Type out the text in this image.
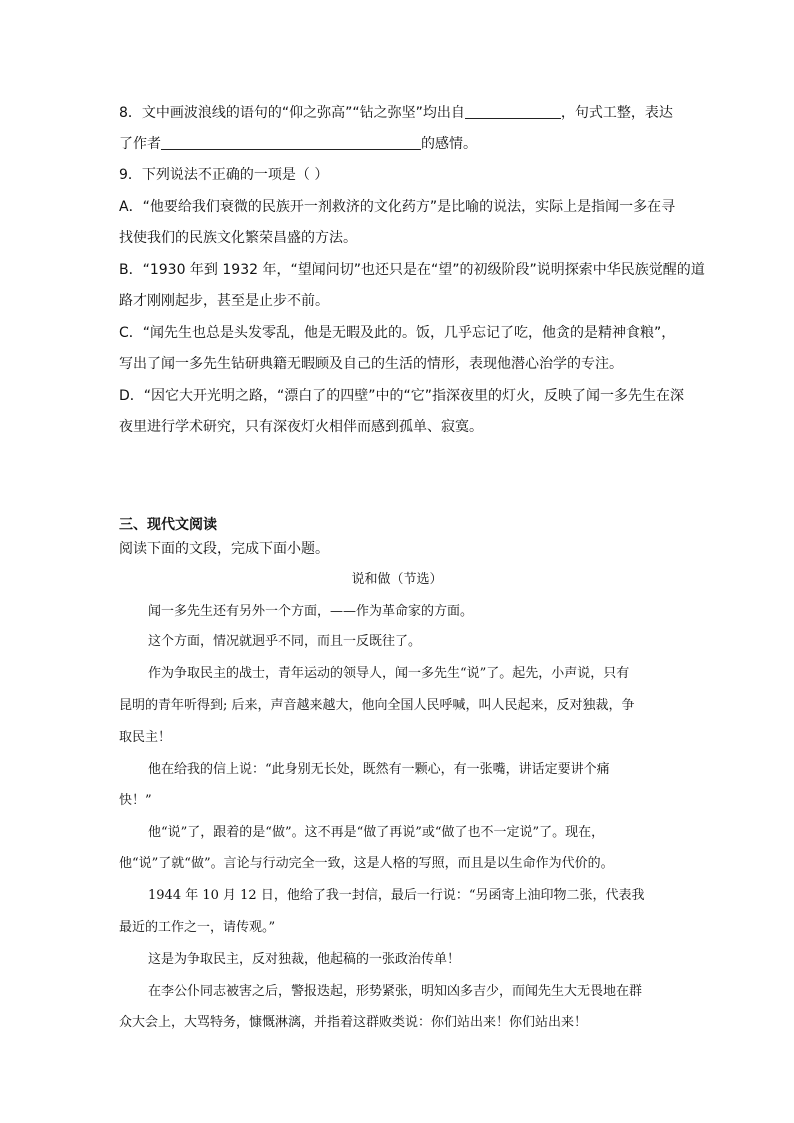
8．文中画波浪线的语句的“仰之弥高”“钻之弥坚”均出自	，句式工整，表达
了作者	的感情。
9．下列说法不正确的一项是（ ）
A．“他要给我们衰微的民族开一剂救济的文化药方”是比喻的说法，实际上是指闻一多在寻
找使我们的民族文化繁荣昌盛的方法。
B．“1930 年到 1932 年，“望闻问切”也还只是在“望”的初级阶段”说明探索中华民族觉醒的道
路才刚刚起步，甚至是止步不前。
C．“闻先生也总是头发零乱，他是无暇及此的。饭，几乎忘记了吃，他贪的是精神食粮”，
写出了闻一多先生钻研典籍无暇顾及自己的生活的情形，表现他潜心治学的专注。
D．“因它大开光明之路，“漂白了的四壁”中的“它”指深夜里的灯火，反映了闻一多先生在深
夜里进行学术研究，只有深夜灯火相伴而感到孤单、寂寞。
三、现代文阅读
阅读下面的文段，完成下面小题。
说和做（节选）
闻一多先生还有另外一个方面，——作为革命家的方面。
这个方面，情况就迥乎不同，而且一反既往了。
作为争取民主的战士，青年运动的领导人，闻一多先生“说”了。起先，小声说，只有
昆明的青年听得到; 后来，声音越来越大，他向全国人民呼喊，叫人民起来，反对独裁，争
取民主！
他在给我的信上说：“此身别无长处，既然有一颗心，有一张嘴，讲话定要讲个痛
快！”
他“说”了，跟着的是“做”。这不再是“做了再说”或“做了也不一定说”了。现在，
他“说”了就“做”。言论与行动完全一致，这是人格的写照，而且是以生命作为代价的。
1944 年 10 月 12 日，他给了我一封信，最后一行说：“另函寄上油印物二张，代表我
最近的工作之一，请传观。”
这是为争取民主，反对独裁，他起稿的一张政治传单！
在李公仆同志被害之后，警报迭起，形势紧张，明知凶多吉少，而闻先生大无畏地在群
众大会上，大骂特务，慷慨淋漓，并指着这群败类说：你们站出来！你们站出来！
